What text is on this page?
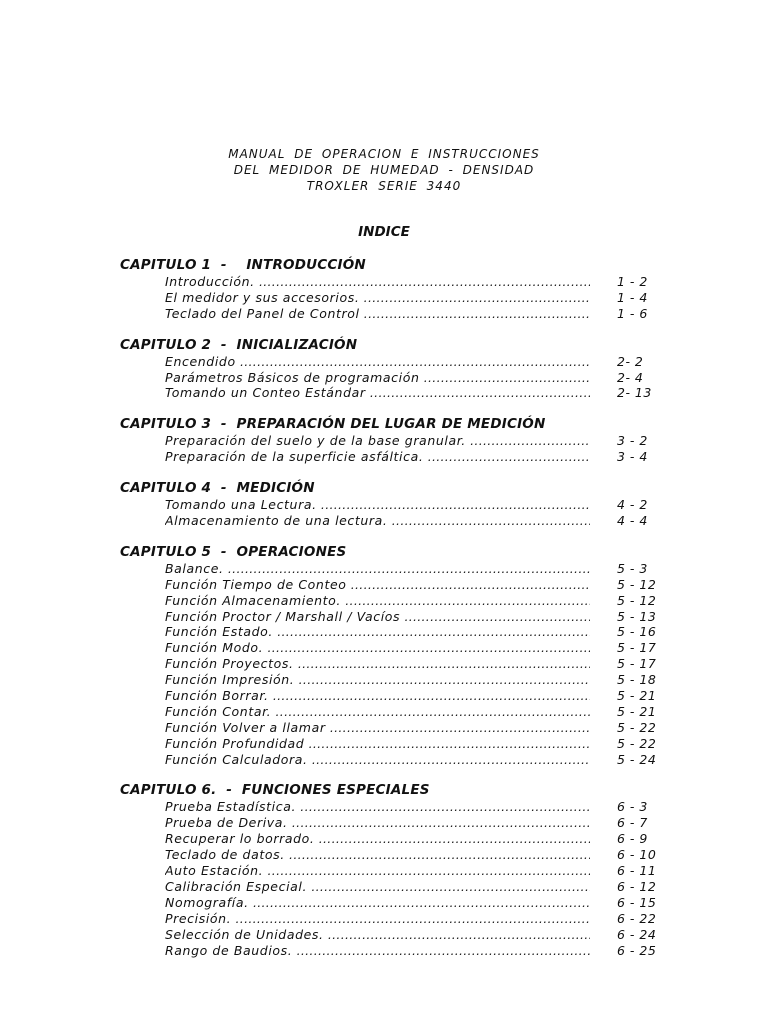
MANUAL DE OPERACION E INSTRUCCIONES
DEL MEDIDOR DE HUMEDAD - DENSIDAD
TROXLER SERIE 3440
INDICE
CAPITULO 1  -    INTRODUCCIÓN
Introducción. .....	1 - 2
El medidor y sus accesorios. .....	1 - 4
Teclado del Panel de Control .....	1 - 6
CAPITULO 2  -  INICIALIZACIÓN
Encendido .....	2- 2
Parámetros Básicos de programación .....	2- 4
Tomando un Conteo Estándar .....	2- 13
CAPITULO 3  -  PREPARACIÓN DEL LUGAR DE MEDICIÓN
Preparación del suelo y de la base granular. .....	3 - 2
Preparación de la superficie asfáltica. .....	3 - 4
CAPITULO 4  -  MEDICIÓN
Tomando una Lectura. .....	4 - 2
Almacenamiento de una lectura. .....	4 - 4
CAPITULO 5  -  OPERACIONES
Balance. .....	5 - 3
Función Tiempo de Conteo .....	5 - 12
Función Almacenamiento. .....	5 - 12
Función Proctor / Marshall / Vacíos .....	5 - 13
Función Estado. .....	5 - 16
Función Modo. .....	5 - 17
Función Proyectos. .....	5 - 17
Función Impresión. .....	5 - 18
Función Borrar. .....	5 - 21
Función Contar. .....	5 - 21
Función Volver a llamar .....	5 - 22
Función Profundidad .....	5 - 22
Función Calculadora. .....	5 - 24
CAPITULO 6.  -  FUNCIONES ESPECIALES
Prueba Estadística. .....	6 - 3
Prueba de Deriva. .....	6 - 7
Recuperar lo borrado. .....	6 - 9
Teclado de datos. .....	6 - 10
Auto Estación. .....	6 - 11
Calibración Especial. .....	6 - 12
Nomografía. .....	6 - 15
Precisión. .....	6 - 22
Selección de Unidades. .....	6 - 24
Rango de Baudios. .....	6 - 25
